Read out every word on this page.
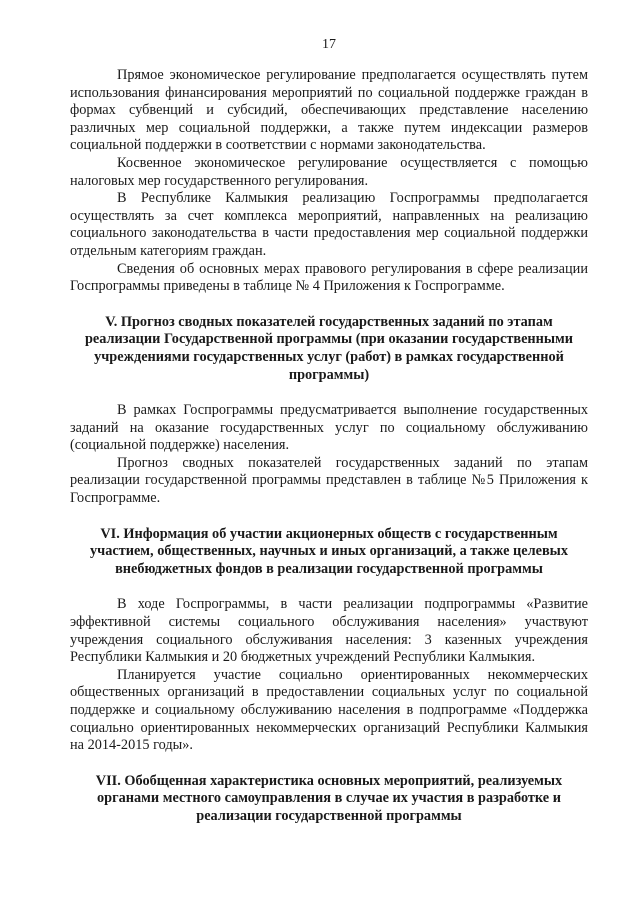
17

Прямое экономическое регулирование предполагается осуществлять путем использования финансирования мероприятий по социальной поддержке граждан в формах субвенций и субсидий, обеспечивающих представление населению различных мер социальной поддержки, а также путем индексации размеров социальной поддержки в соответствии с нормами законодательства.

Косвенное экономическое регулирование осуществляется с помощью налоговых мер государственного регулирования.

В Республике Калмыкия реализацию Госпрограммы предполагается осуществлять за счет комплекса мероприятий, направленных на реализацию социального законодательства в части предоставления мер социальной поддержки отдельным категориям граждан.

Сведения об основных мерах правового регулирования в сфере реализации Госпрограммы приведены в таблице № 4 Приложения к Госпрограмме.

V. Прогноз сводных показателей государственных заданий по этапам реализации Государственной программы (при оказании государственными учреждениями государственных услуг (работ) в рамках государственной программы)

В рамках Госпрограммы предусматривается выполнение государственных заданий на оказание государственных услуг по социальному обслуживанию (социальной поддержке) населения.

Прогноз сводных показателей государственных заданий по этапам реализации государственной программы представлен в таблице №5 Приложения к Госпрограмме.

VI. Информация об участии акционерных обществ с государственным участием, общественных, научных и иных организаций, а также целевых внебюджетных фондов в реализации государственной программы

В ходе Госпрограммы, в части реализации подпрограммы «Развитие эффективной системы социального обслуживания населения» участвуют учреждения социального обслуживания населения: 3 казенных учреждения Республики Калмыкия и 20 бюджетных учреждений Республики Калмыкия.

Планируется участие социально ориентированных некоммерческих общественных организаций в предоставлении социальных услуг по социальной поддержке и социальному обслуживанию населения в подпрограмме «Поддержка социально ориентированных некоммерческих организаций Республики Калмыкия на 2014-2015 годы».

VII. Обобщенная характеристика основных мероприятий, реализуемых органами местного самоуправления в случае их участия в разработке и реализации государственной программы
